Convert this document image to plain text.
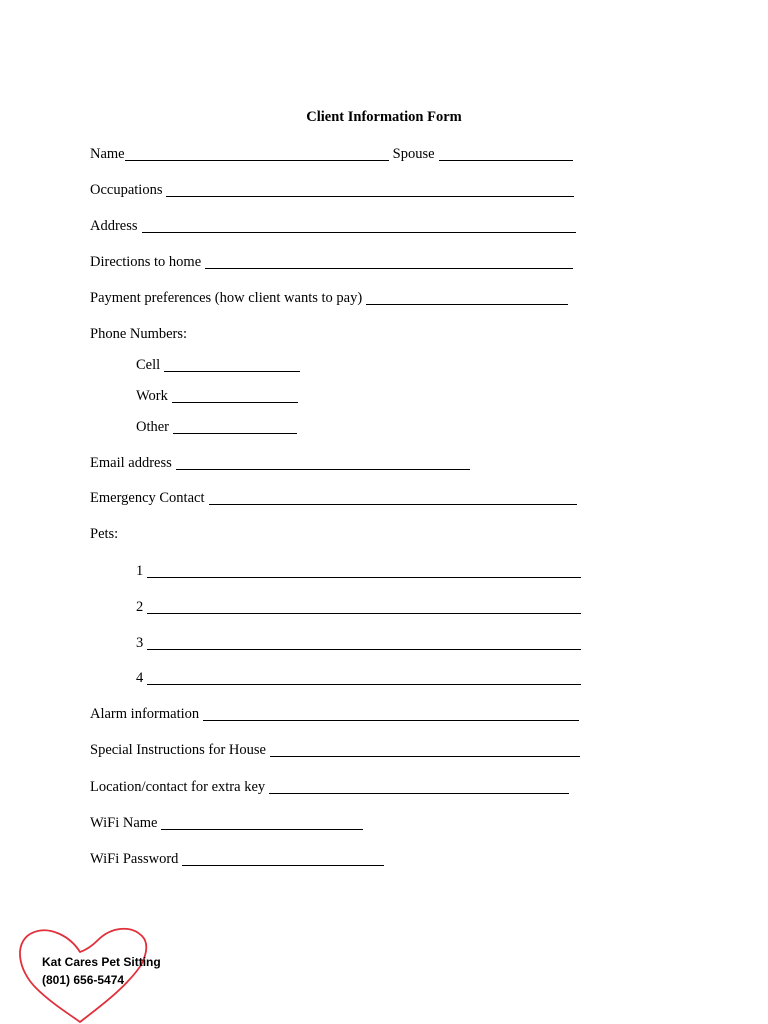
Client Information Form
Name	Spouse
Occupations
Address
Directions to home
Payment preferences (how client wants to pay)
Phone Numbers:
Cell
Work
Other
Email address
Emergency Contact
Pets:
1
2
3
4
Alarm information
Special Instructions for House
Location/contact for extra key
WiFi Name
WiFi Password
Kat Cares Pet Sitting
(801) 656-5474
